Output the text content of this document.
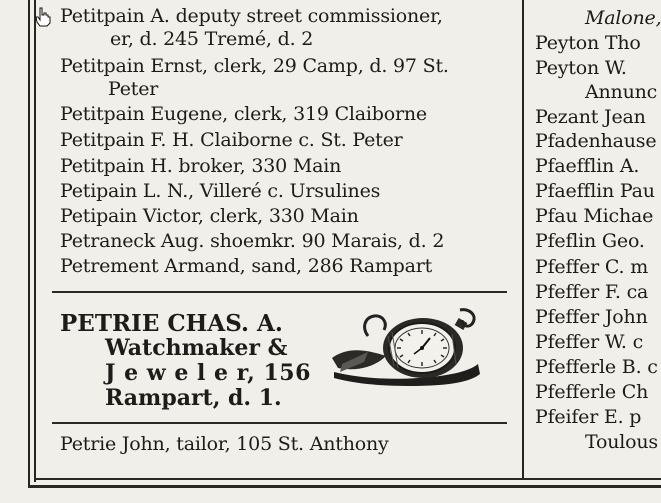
Petitpain A. deputy street commissioner,
er, d. 245 Tremé, d. 2
Petitpain Ernst, clerk, 29 Camp, d. 97 St.
Peter
Petitpain Eugene, clerk, 319 Claiborne
Petitpain F. H. Claiborne c. St. Peter
Petitpain H. broker, 330 Main
Petipain L. N., Villeré c. Ursulines
Petipain Victor, clerk, 330 Main
Petraneck Aug. shoemkr. 90 Marais, d. 2
Petrement Armand, sand, 286 Rampart
PETRIE CHAS. A.
Watchmaker &
J e w e l e r, 156
Rampart, d. 1.
Petrie John, tailor, 105 St. Anthony
Malone,
Peyton Tho
Peyton W.
Annunc
Pezant Jean
Pfadenhause
Pfaefflin A.
Pfaefflin Pau
Pfau Michae
Pfeflin Geo.
Pfeffer C. m
Pfeffer F. ca
Pfeffer John
Pfeffer W. c
Pfefferle B. c
Pfefferle Ch
Pfeifer E. p
Toulous
